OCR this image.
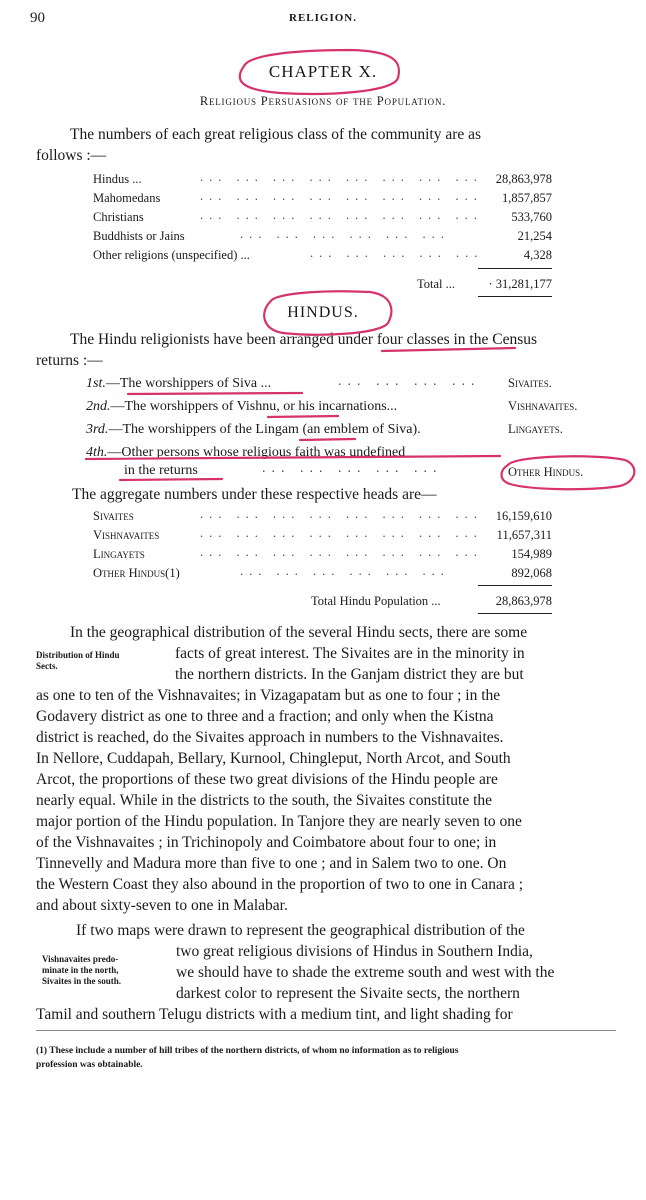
90	RELIGION.
CHAPTER X.
Religious Persuasions of the Population.
The numbers of each great religious class of the community are as
follows :—
Hindus ...	... ... ... ... ... ... ... ...	28,863,978
Mahomedans	... ... ... ... ... ... ... ...	1,857,857
Christians	... ... ... ... ... ... ... ...	533,760
Buddhists or Jains	... ... ... ... ... ...	21,254
Other religions (unspecified) ...	... ... ... ... ...	4,328
Total ...	· 31,281,177
HINDUS.
The Hindu religionists have been arranged under four classes in the Census
returns :—
1st.—The worshippers of Siva ...	... ... ... ... Sivaites.
2nd.—The worshippers of Vishnu, or his incarnations...	Vishnavaites.
3rd.—The worshippers of the Lingam (an emblem of Siva).	Lingayets.
4th.—Other persons whose religious faith was undefined
in the returns	... ... ... ... ...	Other Hindus.
The aggregate numbers under these respective heads are—
Sivaites	... ... ... ... ... ... ... ...	16,159,610
Vishnavaites	... ... ... ... ... ... ... ...	11,657,311
Lingayets	... ... ... ... ... ... ... ...	154,989
Other Hindus(1)	... ... ... ... ... ...	892,068
Total Hindu Population ...	28,863,978
In the geographical distribution of the several Hindu sects, there are some
facts of great interest. The Sivaites are in the minority in
the northern districts. In the Ganjam district they are but
as one to ten of the Vishnavaites; in Vizagapatam but as one to four ; in the
Godavery district as one to three and a fraction; and only when the Kistna
district is reached, do the Sivaites approach in numbers to the Vishnavaites.
In Nellore, Cuddapah, Bellary, Kurnool, Chingleput, North Arcot, and South
Arcot, the proportions of these two great divisions of the Hindu people are
nearly equal. While in the districts to the south, the Sivaites constitute the
major portion of the Hindu population. In Tanjore they are nearly seven to one
of the Vishnavaites ; in Trichinopoly and Coimbatore about four to one; in
Tinnevelly and Madura more than five to one ; and in Salem two to one. On
the Western Coast they also abound in the proportion of two to one in Canara ;
and about sixty-seven to one in Malabar.
Distribution of Hindu
Sects.
If two maps were drawn to represent the geographical distribution of the
two great religious divisions of Hindus in Southern India,
we should have to shade the extreme south and west with the
darkest color to represent the Sivaite sects, the northern
Tamil and southern Telugu districts with a medium tint, and light shading for
Vishnavaites predo-
minate in the north,
Sivaites in the south.
(1) These include a number of hill tribes of the northern districts, of whom no information as to religious
profession was obtainable.
